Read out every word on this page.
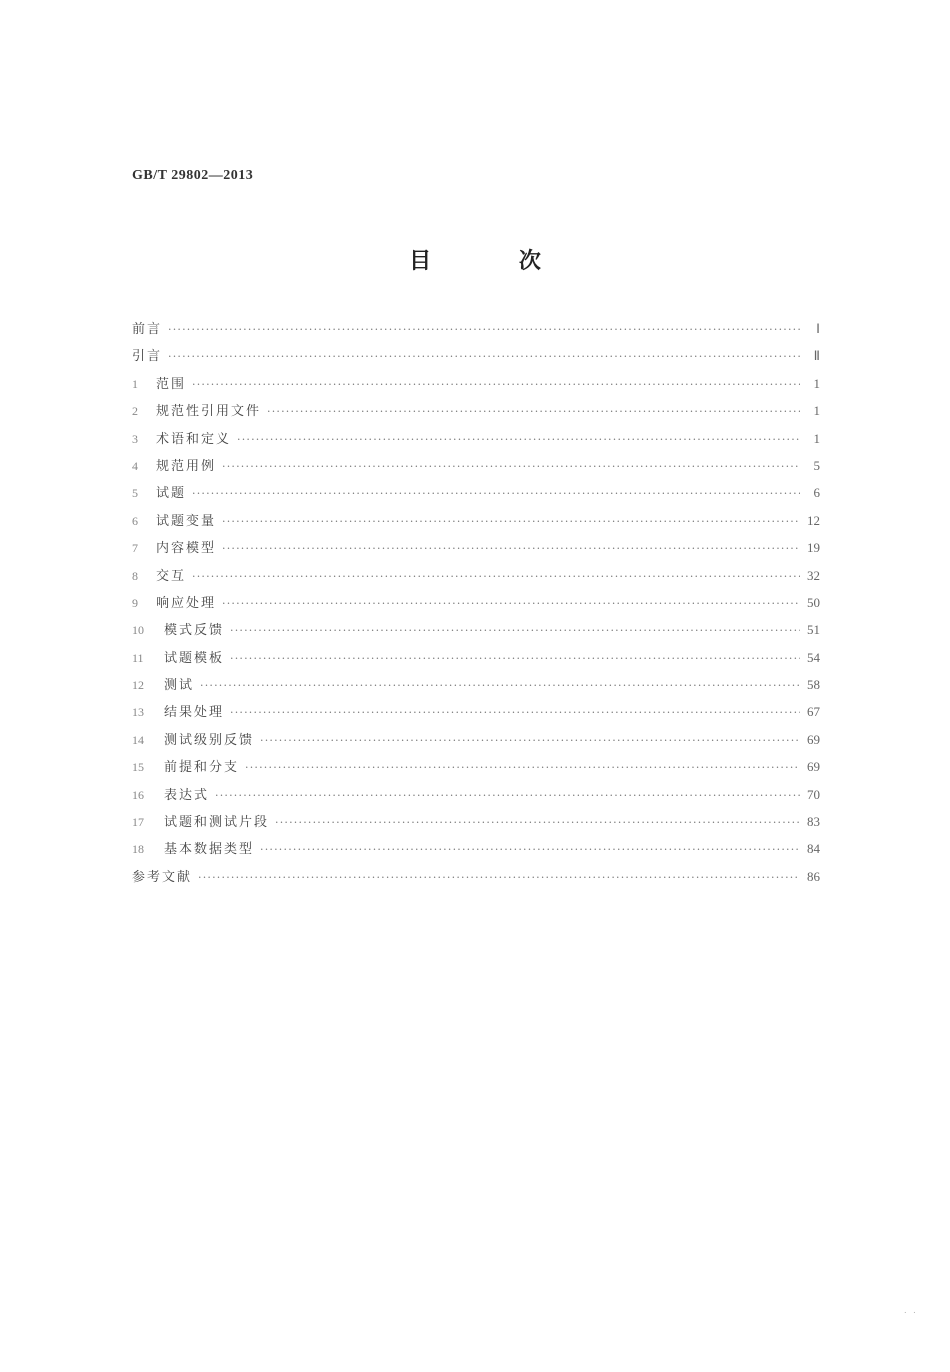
GB/T 29802—2013
目 次
前言 ·····	Ⅰ
引言 ·····	Ⅱ
1	范围 ·····	1
2	规范性引用文件 ·····	1
3	术语和定义 ·····	1
4	规范用例 ·····	5
5	试题 ·····	6
6	试题变量 ·····	12
7	内容模型 ·····	19
8	交互 ·····	32
9	响应处理 ·····	50
10	模式反馈 ·····	51
11	试题模板 ·····	54
12	测试 ·····	58
13	结果处理 ·····	67
14	测试级别反馈 ·····	69
15	前提和分支 ·····	69
16	表达式 ·····	70
17	试题和测试片段 ·····	83
18	基本数据类型 ·····	84
参考文献 ·····	86
. .
